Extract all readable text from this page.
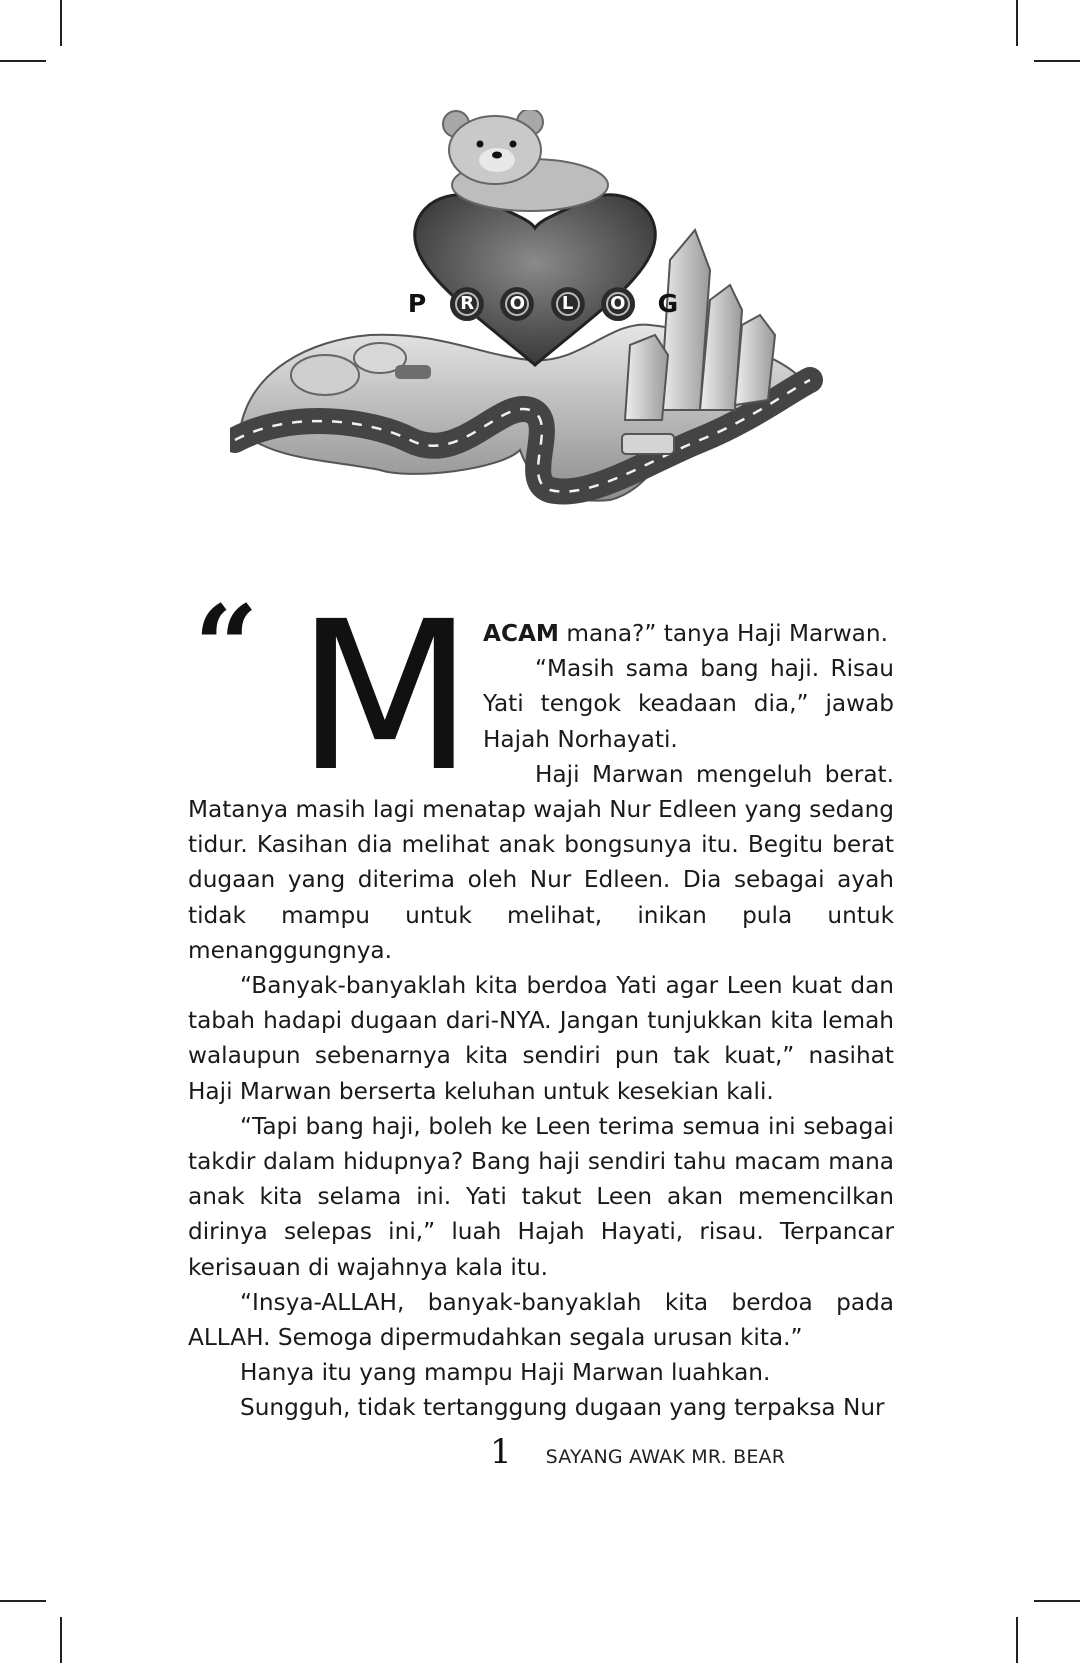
P	R	O	L	O	G
“ M ACAM mana?” tanya Haji Marwan.

“Masih sama bang haji. Risau Yati tengok keadaan dia,” jawab Hajah Norhayati.

Haji Marwan mengeluh berat. Matanya masih lagi menatap wajah Nur Edleen yang sedang tidur. Kasihan dia melihat anak bongsunya itu. Begitu berat dugaan yang diterima oleh Nur Edleen. Dia sebagai ayah tidak mampu untuk melihat, inikan pula untuk menanggungnya.

“Banyak-banyaklah kita berdoa Yati agar Leen kuat dan tabah hadapi dugaan dari-NYA. Jangan tunjukkan kita lemah walaupun sebenarnya kita sendiri pun tak kuat,” nasihat Haji Marwan berserta keluhan untuk kesekian kali.

“Tapi bang haji, boleh ke Leen terima semua ini sebagai takdir dalam hidupnya? Bang haji sendiri tahu macam mana anak kita selama ini. Yati takut Leen akan memencilkan dirinya selepas ini,” luah Hajah Hayati, risau. Terpancar kerisauan di wajahnya kala itu.

“Insya-ALLAH, banyak-banyaklah kita berdoa pada ALLAH. Semoga dipermudahkan segala urusan kita.”

Hanya itu yang mampu Haji Marwan luahkan.

Sungguh, tidak tertanggung dugaan yang terpaksa Nur

1 SAYANG AWAK MR. BEAR
